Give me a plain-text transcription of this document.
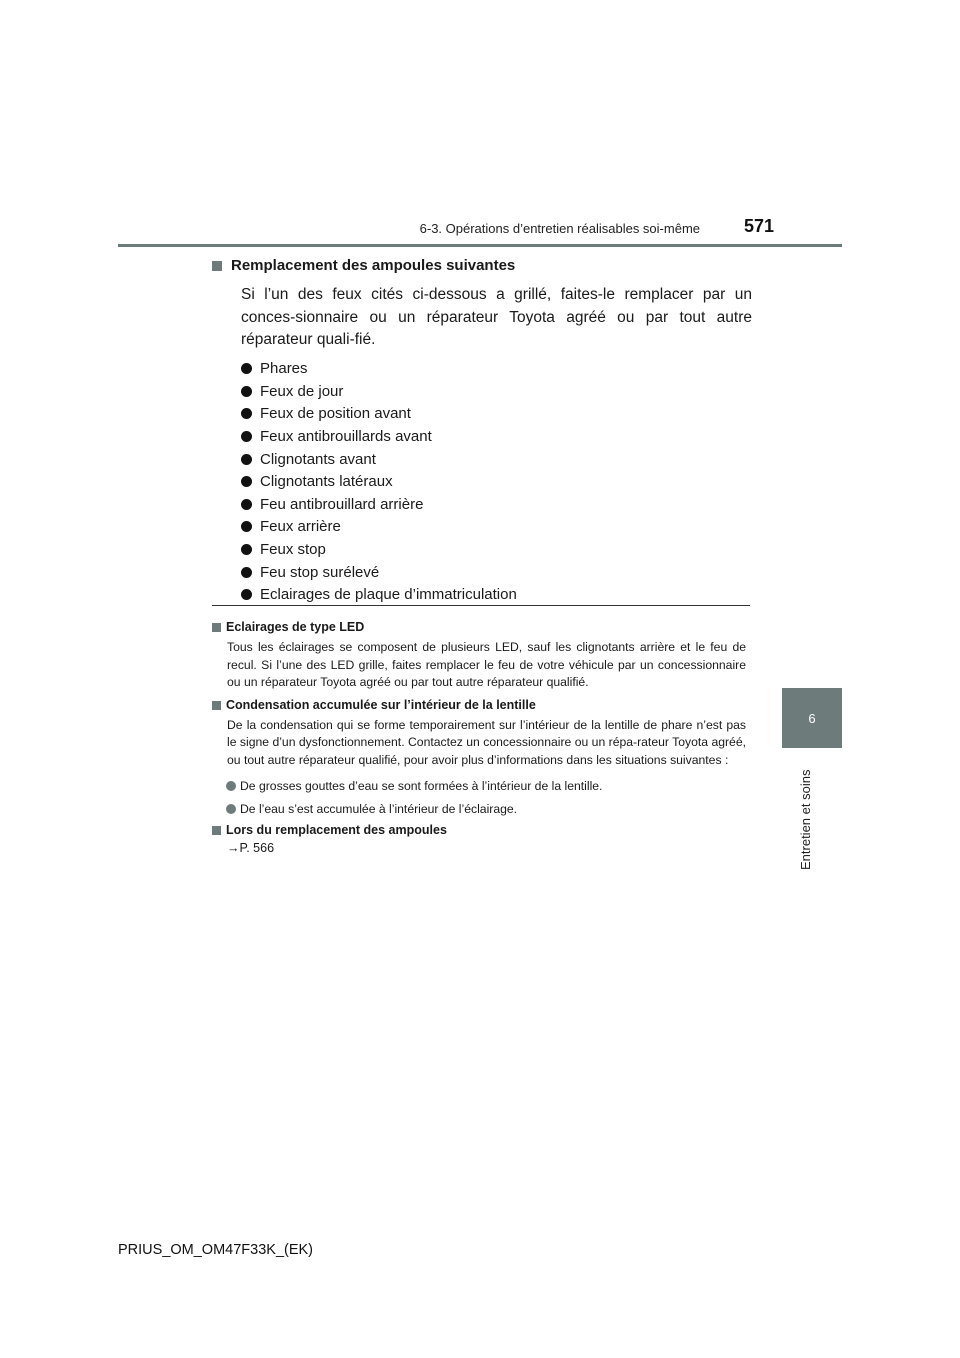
6-3. Opérations d’entretien réalisables soi-même	571
6
Entretien et soins
Remplacement des ampoules suivantes

Si l’un des feux cités ci-dessous a grillé, faites-le remplacer par un conces-sionnaire ou un réparateur Toyota agréé ou par tout autre réparateur quali-fié.

Phares
Feux de jour
Feux de position avant
Feux antibrouillards avant
Clignotants avant
Clignotants latéraux
Feu antibrouillard arrière
Feux arrière
Feux stop
Feu stop surélevé
Eclairages de plaque d’immatriculation
Eclairages de type LED

Tous les éclairages se composent de plusieurs LED, sauf les clignotants arrière et le feu de recul. Si l’une des LED grille, faites remplacer le feu de votre véhicule par un concessionnaire ou un réparateur Toyota agréé ou par tout autre réparateur qualifié.

Condensation accumulée sur l’intérieur de la lentille

De la condensation qui se forme temporairement sur l’intérieur de la lentille de phare n’est pas le signe d’un dysfonctionnement. Contactez un concessionnaire ou un répa-rateur Toyota agréé, ou tout autre réparateur qualifié, pour avoir plus d’informations dans les situations suivantes :

De grosses gouttes d’eau se sont formées à l’intérieur de la lentille.
De l’eau s’est accumulée à l’intérieur de l’éclairage.
Lors du remplacement des ampoules
→P. 566
PRIUS_OM_OM47F33K_(EK)
